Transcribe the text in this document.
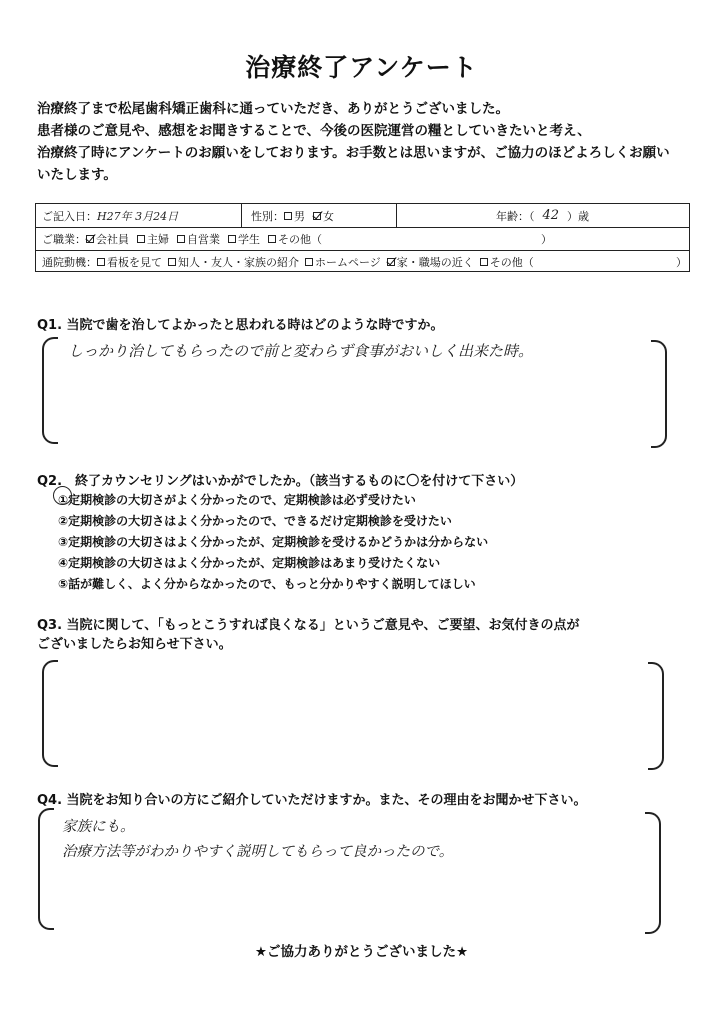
治療終了アンケート
治療終了まで松尾歯科矯正歯科に通っていただき、ありがとうございました。
患者様のご意見や、感想をお聞きすることで、今後の医院運営の糧としていきたいと考え、
治療終了時にアンケートのお願いをしております。お手数とは思いますが、ご協力のほどよろしくお願い
いたします。
ご記入日： H27年 3月24日	性別： 男 女	年齢：（ 42 ）歳
ご職業： 会社員 主婦 自営業 学生 その他（	）
通院動機： 看板を見て 知人・友人・家族の紹介 ホームページ 家・職場の近く その他（	）
Q1. 当院で歯を治してよかったと思われる時はどのような時ですか。
しっかり治してもらったので前と変わらず食事がおいしく出来た時。
Q2.　終了カウンセリングはいかがでしたか。（該当するものに〇を付けて下さい）
①定期検診の大切さがよく分かったので、定期検診は必ず受けたい
②定期検診の大切さはよく分かったので、できるだけ定期検診を受けたい
③定期検診の大切さはよく分かったが、定期検診を受けるかどうかは分からない
④定期検診の大切さはよく分かったが、定期検診はあまり受けたくない
⑤話が難しく、よく分からなかったので、もっと分かりやすく説明してほしい
Q3. 当院に関して、「もっとこうすれば良くなる」というご意見や、ご要望、お気付きの点が
ございましたらお知らせ下さい。
Q4. 当院をお知り合いの方にご紹介していただけますか。また、その理由をお聞かせ下さい。
家族にも。
治療方法等がわかりやすく説明してもらって良かったので。
★ご協力ありがとうございました★
